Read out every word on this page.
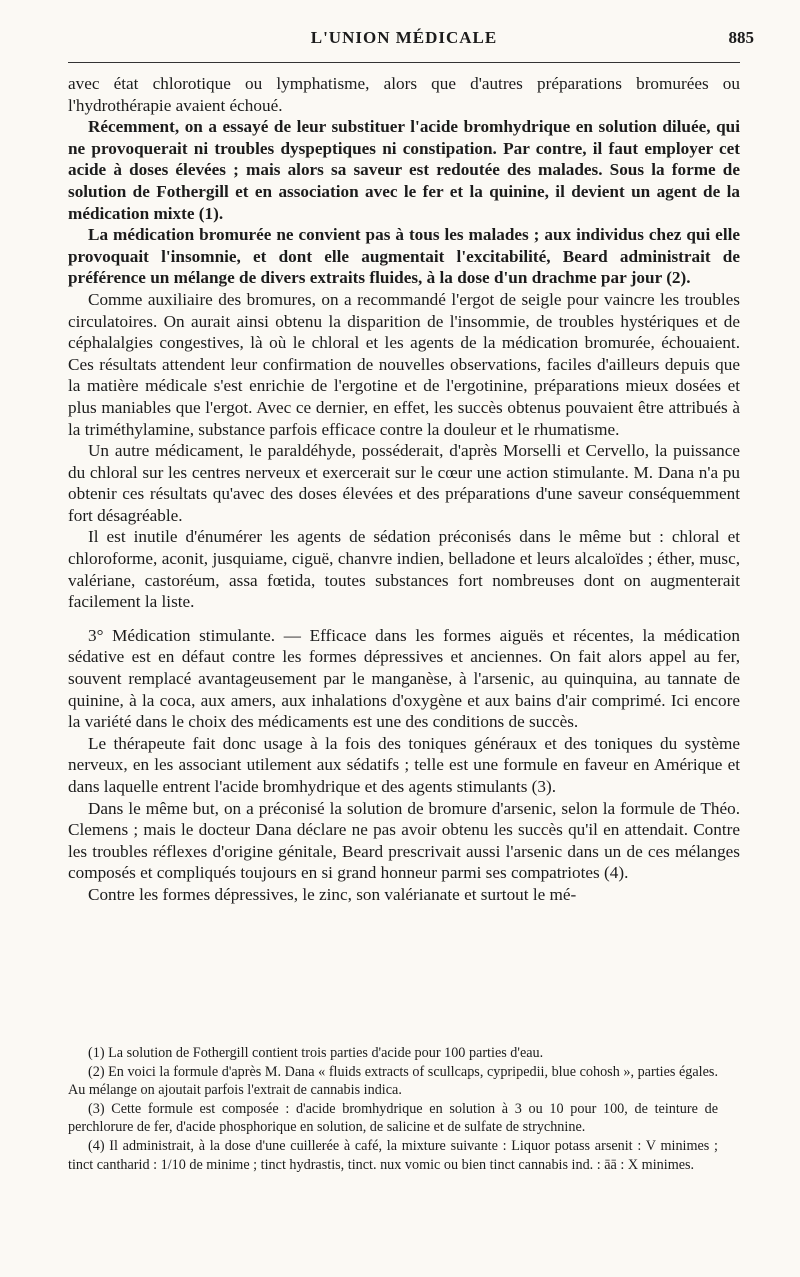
L'UNION MÉDICALE	885

avec état chlorotique ou lymphatisme, alors que d'autres préparations bromurées ou l'hydrothérapie avaient échoué.

Récemment, on a essayé de leur substituer l'acide bromhydrique en solution diluée, qui ne provoquerait ni troubles dyspeptiques ni constipation. Par contre, il faut employer cet acide à doses élevées ; mais alors sa saveur est redoutée des malades. Sous la forme de solution de Fothergill et en association avec le fer et la quinine, il devient un agent de la médication mixte (1).

La médication bromurée ne convient pas à tous les malades ; aux individus chez qui elle provoquait l'insomnie, et dont elle augmentait l'excitabilité, Beard administrait de préférence un mélange de divers extraits fluides, à la dose d'un drachme par jour (2).

Comme auxiliaire des bromures, on a recommandé l'ergot de seigle pour vaincre les troubles circulatoires. On aurait ainsi obtenu la disparition de l'insommie, de troubles hystériques et de céphalalgies congestives, là où le chloral et les agents de la médication bromurée, échouaient. Ces résultats attendent leur confirmation de nouvelles observations, faciles d'ailleurs depuis que la matière médicale s'est enrichie de l'ergotine et de l'ergotinine, préparations mieux dosées et plus maniables que l'ergot. Avec ce dernier, en effet, les succès obtenus pouvaient être attribués à la triméthylamine, substance parfois efficace contre la douleur et le rhumatisme.

Un autre médicament, le paraldéhyde, posséderait, d'après Morselli et Cervello, la puissance du chloral sur les centres nerveux et exercerait sur le cœur une action stimulante. M. Dana n'a pu obtenir ces résultats qu'avec des doses élevées et des préparations d'une saveur conséquemment fort désagréable.

Il est inutile d'énumérer les agents de sédation préconisés dans le même but : chloral et chloroforme, aconit, jusquiame, ciguë, chanvre indien, belladone et leurs alcaloïdes ; éther, musc, valériane, castoréum, assa fœtida, toutes substances fort nombreuses dont on augmenterait facilement la liste.

3° Médication stimulante. — Efficace dans les formes aiguës et récentes, la médication sédative est en défaut contre les formes dépressives et anciennes. On fait alors appel au fer, souvent remplacé avantageusement par le manganèse, à l'arsenic, au quinquina, au tannate de quinine, à la coca, aux amers, aux inhalations d'oxygène et aux bains d'air comprimé. Ici encore la variété dans le choix des médicaments est une des conditions de succès.

Le thérapeute fait donc usage à la fois des toniques généraux et des toniques du système nerveux, en les associant utilement aux sédatifs ; telle est une formule en faveur en Amérique et dans laquelle entrent l'acide bromhydrique et des agents stimulants (3).

Dans le même but, on a préconisé la solution de bromure d'arsenic, selon la formule de Théo. Clemens ; mais le docteur Dana déclare ne pas avoir obtenu les succès qu'il en attendait. Contre les troubles réflexes d'origine génitale, Beard prescrivait aussi l'arsenic dans un de ces mélanges composés et compliqués toujours en si grand honneur parmi ses compatriotes (4).

Contre les formes dépressives, le zinc, son valérianate et surtout le mé-

(1) La solution de Fothergill contient trois parties d'acide pour 100 parties d'eau.

(2) En voici la formule d'après M. Dana « fluids extracts of scullcaps, cypripedii, blue cohosh », parties égales. Au mélange on ajoutait parfois l'extrait de cannabis indica.

(3) Cette formule est composée : d'acide bromhydrique en solution à 3 ou 10 pour 100, de teinture de perchlorure de fer, d'acide phosphorique en solution, de salicine et de sulfate de strychnine.

(4) Il administrait, à la dose d'une cuillerée à café, la mixture suivante : Liquor potass arsenit : V minimes ; tinct cantharid : 1/10 de minime ; tinct hydrastis, tinct. nux vomic ou bien tinct cannabis ind. : āā : X minimes.
